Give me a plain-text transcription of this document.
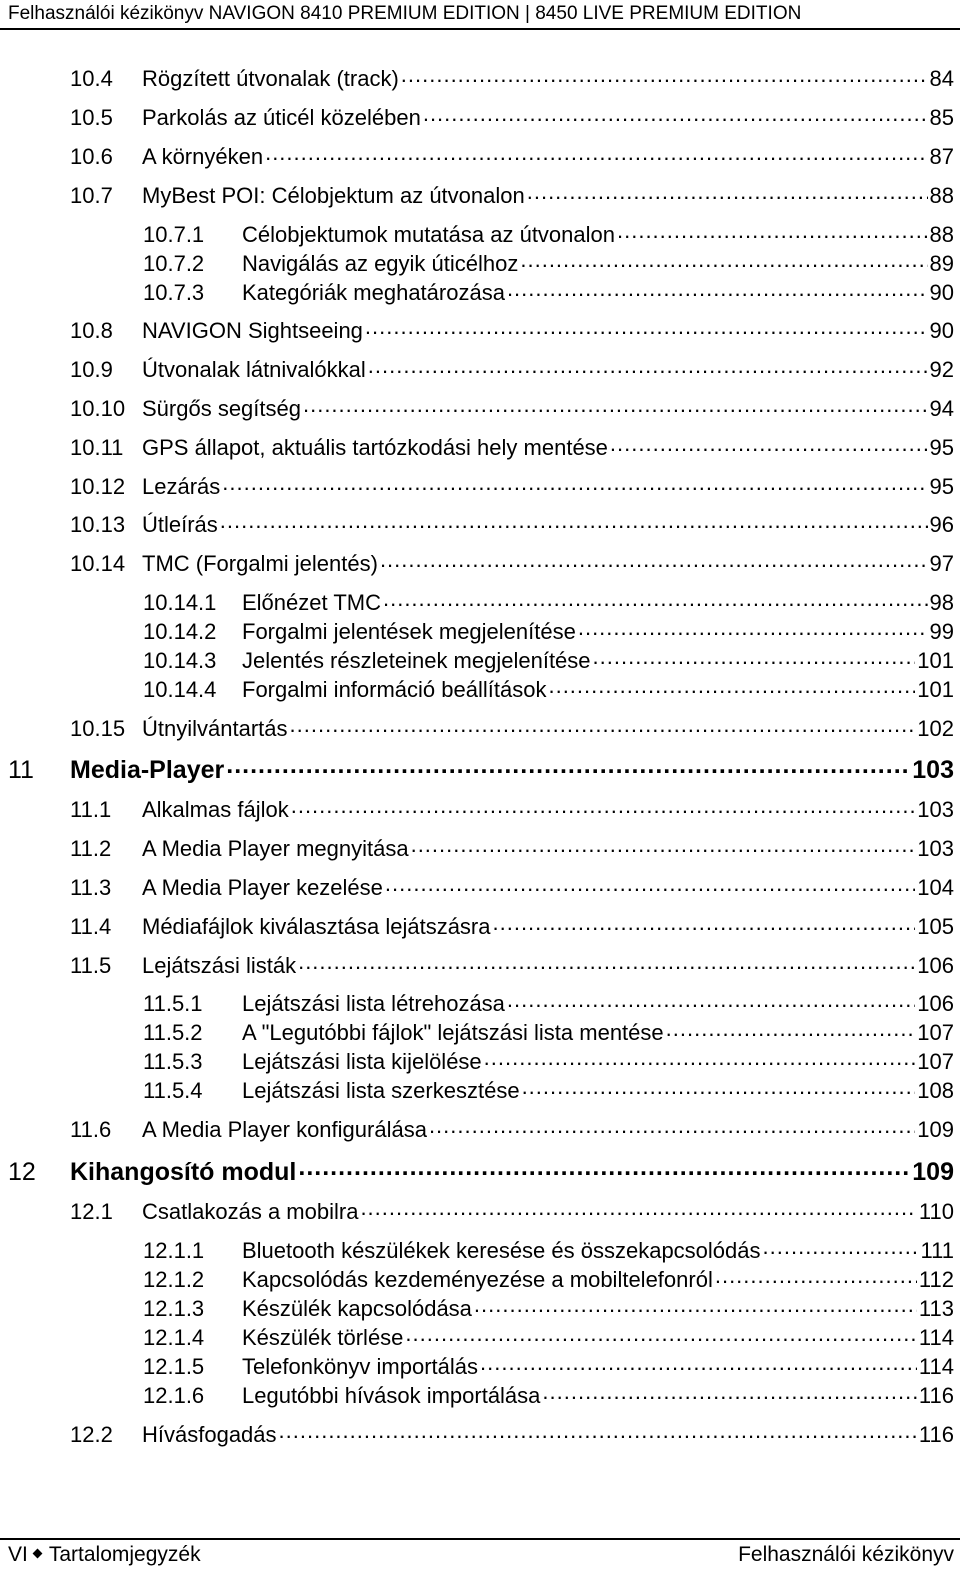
Felhasználói kézikönyv NAVIGON 8410 PREMIUM EDITION | 8450 LIVE PREMIUM EDITION
10.4	Rögzített útvonalak (track) .....	84
10.5	Parkolás az úticél közelében .....	85
10.6	A környéken .....	87
10.7	MyBest POI: Célobjektum az útvonalon .....	88
10.7.1	Célobjektumok mutatása az útvonalon .....	88
10.7.2	Navigálás az egyik úticélhoz .....	89
10.7.3	Kategóriák meghatározása .....	90
10.8	NAVIGON Sightseeing .....	90
10.9	Útvonalak látnivalókkal .....	92
10.10 Sürgős segítség .....	94
10.11 GPS állapot, aktuális tartózkodási hely mentése .....	95
10.12 Lezárás .....	95
10.13 Útleírás .....	96
10.14 TMC (Forgalmi jelentés) .....	97
10.14.1	Előnézet TMC .....	98
10.14.2	Forgalmi jelentések megjelenítése .....	99
10.14.3	Jelentés részleteinek megjelenítése .....	101
10.14.4	Forgalmi információ beállítások .....	101
10.15 Útnyilvántartás .....	102
11	Media-Player .....	103
11.1	Alkalmas fájlok .....	103
11.2	A Media Player megnyitása .....	103
11.3	A Media Player kezelése .....	104
11.4	Médiafájlok kiválasztása lejátszásra .....	105
11.5	Lejátszási listák .....	106
11.5.1	Lejátszási lista létrehozása .....	106
11.5.2	A "Legutóbbi fájlok" lejátszási lista mentése .....	107
11.5.3	Lejátszási lista kijelölése .....	107
11.5.4	Lejátszási lista szerkesztése .....	108
11.6	A Media Player konfigurálása .....	109
12	Kihangosító modul .....	109
12.1	Csatlakozás a mobilra .....	110
12.1.1	Bluetooth készülékek keresése és összekapcsolódás .....	111
12.1.2	Kapcsolódás kezdeményezése a mobiltelefonról .....	112
12.1.3	Készülék kapcsolódása .....	113
12.1.4	Készülék törlése .....	114
12.1.5	Telefonkönyv importálás .....	114
12.1.6	Legutóbbi hívások importálása .....	116
12.2	Hívásfogadás .....	116
VI Tartalomjegyzék	Felhasználói kézikönyv
